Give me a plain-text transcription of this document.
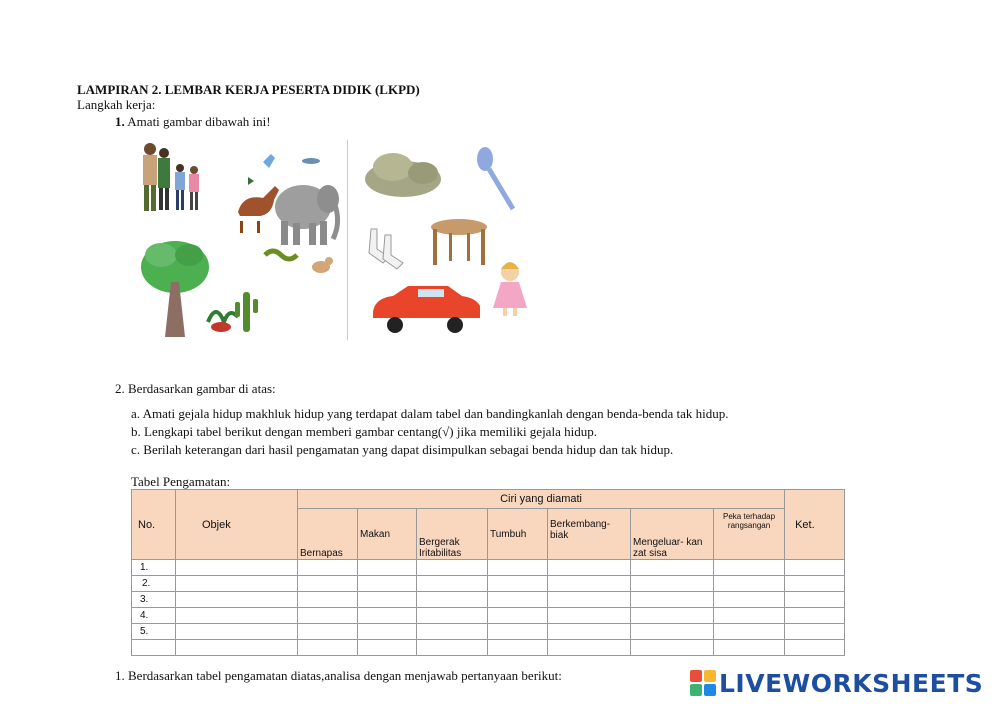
LAMPIRAN 2. LEMBAR KERJA PESERTA DIDIK (LKPD)
Langkah kerja:
1. Amati gambar dibawah ini!
2. Berdasarkan gambar di atas:
a. Amati gejala hidup makhluk hidup yang terdapat dalam tabel dan bandingkanlah dengan benda-benda tak hidup.
b. Lengkapi tabel berikut dengan memberi gambar centang(√) jika memiliki gejala hidup.
c. Berilah keterangan dari hasil pengamatan yang dapat disimpulkan sebagai benda hidup dan tak hidup.
Tabel Pengamatan:
No.	Objek	Ciri yang diamati							Ket.
		Bernapas	Makan	Bergerak Iritabilitas	Tumbuh	Berkembang-biak	Mengeluar- kan zat sisa	Peka terhadap rangsangan	
1.									
2.									
3.									
4.									
5.									

1. Berdasarkan tabel pengamatan diatas,analisa dengan menjawab pertanyaan berikut:	LIVEWORKSHEETS
